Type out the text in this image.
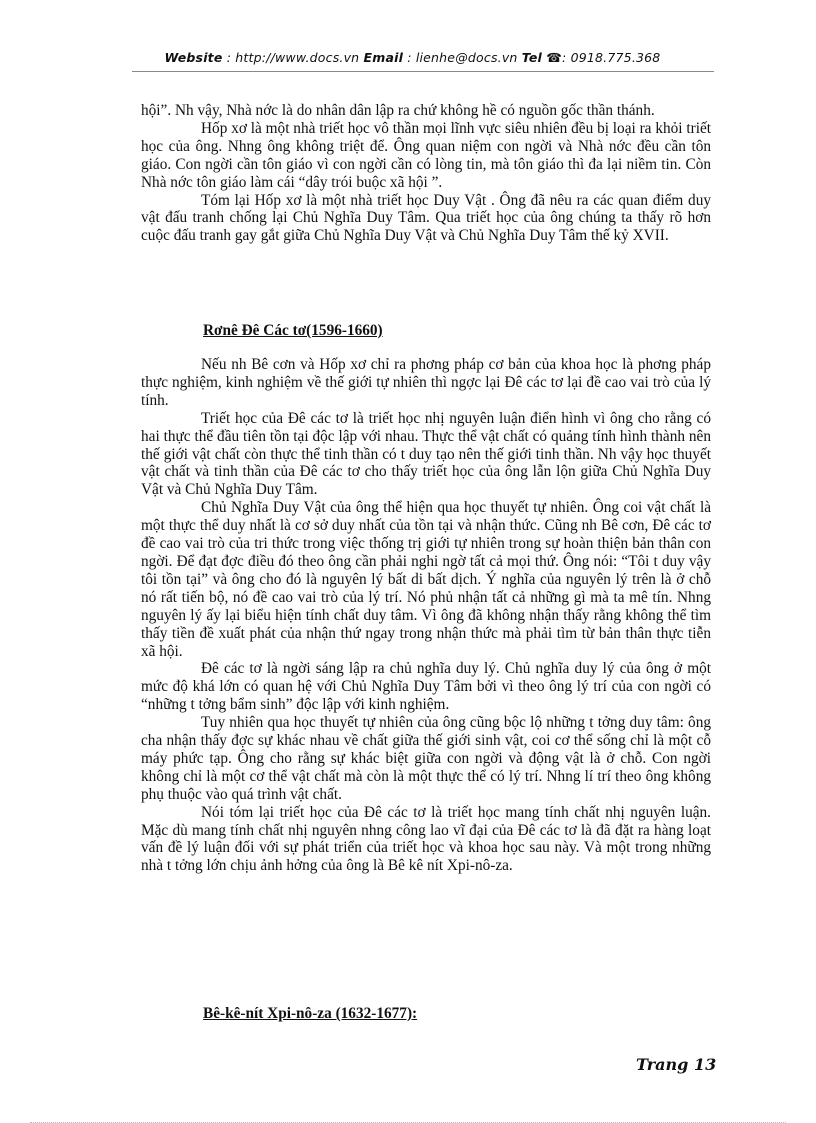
Website : http://www.docs.vn Email : lienhe@docs.vn Tel ☎: 0918.775.368

hội”. Nh vậy, Nhà nớc là do nhân dân lập ra chứ không hề có nguồn gốc thần thánh.

Hốp xơ là một nhà triết học vô thần mọi lĩnh vực siêu nhiên đều bị loại ra khỏi triết học của ông. Nhng ông không triệt để. Ông quan niệm con ngời và Nhà nớc đều cần tôn giáo. Con ngời cần tôn giáo vì con ngời cần có lòng tin, mà tôn giáo thì đa lại niềm tin. Còn Nhà nớc tôn giáo làm cái “dây trói buộc xã hội ”.

Tóm lại Hốp xơ là một nhà triết học Duy Vật . Ông đã nêu ra các quan điểm duy vật đấu tranh chống lại Chủ Nghĩa Duy Tâm. Qua triết học của ông chúng ta thấy rõ hơn cuộc đấu tranh gay gắt giữa Chủ Nghĩa Duy Vật và Chủ Nghĩa Duy Tâm thế kỷ XVII.

Rơnê Đê Các tơ(1596-1660)

Nếu nh Bê cơn và Hốp xơ chỉ ra phơng pháp cơ bản của khoa học là phơng pháp thực nghiệm, kinh nghiệm về thế giới tự nhiên thì ngợc lại Đê các tơ lại đề cao vai trò của lý tính.

Triết học của Đê các tơ là triết học nhị nguyên luận điển hình vì ông cho rằng có hai thực thể đầu tiên tồn tại độc lập với nhau. Thực thể vật chất có quảng tính hình thành nên thế giới vật chất còn thực thể tinh thần có t duy tạo nên thế giới tinh thần. Nh vậy học thuyết vật chất và tinh thần của Đê các tơ cho thấy triết học của ông lẫn lộn giữa Chủ Nghĩa Duy Vật và Chủ Nghĩa Duy Tâm.

Chủ Nghĩa Duy Vật của ông thể hiện qua học thuyết tự nhiên. Ông coi vật chất là một thực thể duy nhất là cơ sở duy nhất của tồn tại và nhận thức. Cũng nh Bê cơn, Đê các tơ đề cao vai trò của tri thức trong việc thống trị giới tự nhiên trong sự hoàn thiện bản thân con ngời. Để đạt đợc điều đó theo ông cần phải nghi ngờ tất cả mọi thứ. Ông nói: “Tôi t duy vậy tôi tồn tại” và ông cho đó là nguyên lý bất di bất dịch. Ý nghĩa của nguyên lý trên là ở chỗ nó rất tiến bộ, nó đề cao vai trò của lý trí. Nó phủ nhận tất cả những gì mà ta mê tín. Nhng nguyên lý ấy lại biểu hiện tính chất duy tâm. Vì ông đã không nhận thấy rằng không thể tìm thấy tiền đề xuất phát của nhận thứ ngay trong nhận thức mà phải tìm từ bản thân thực tiễn xã hội.

Đê các tơ là ngời sáng lập ra chủ nghĩa duy lý. Chủ nghĩa duy lý của ông ở một mức độ khá lớn có quan hệ với Chủ Nghĩa Duy Tâm bởi vì theo ông lý trí của con ngời có “những t tởng bẩm sinh” độc lập với kinh nghiệm.

Tuy nhiên qua học thuyết tự nhiên của ông cũng bộc lộ những t tởng duy tâm: ông cha nhận thấy đợc sự khác nhau về chất giữa thế giới sinh vật, coi cơ thể sống chỉ là một cỗ máy phức tạp. Ông cho rằng sự khác biệt giữa con ngời và động vật là ở chỗ. Con ngời không chỉ là một cơ thể vật chất mà còn là một thực thể có lý trí. Nhng lí trí theo ông không phụ thuộc vào quá trình vật chất.

Nói tóm lại triết học của Đê các tơ là triết học mang tính chất nhị nguyên luận. Mặc dù mang tính chất nhị nguyên nhng công lao vĩ đại của Đê các tơ là đã đặt ra hàng loạt vấn đề lý luận đối với sự phát triển của triết học và khoa học sau này. Và một trong những nhà t tởng lớn chịu ảnh hởng của ông là Bê kê nít Xpi-nô-za.

Bê-kê-nít Xpi-nô-za (1632-1677):
Trang 13
